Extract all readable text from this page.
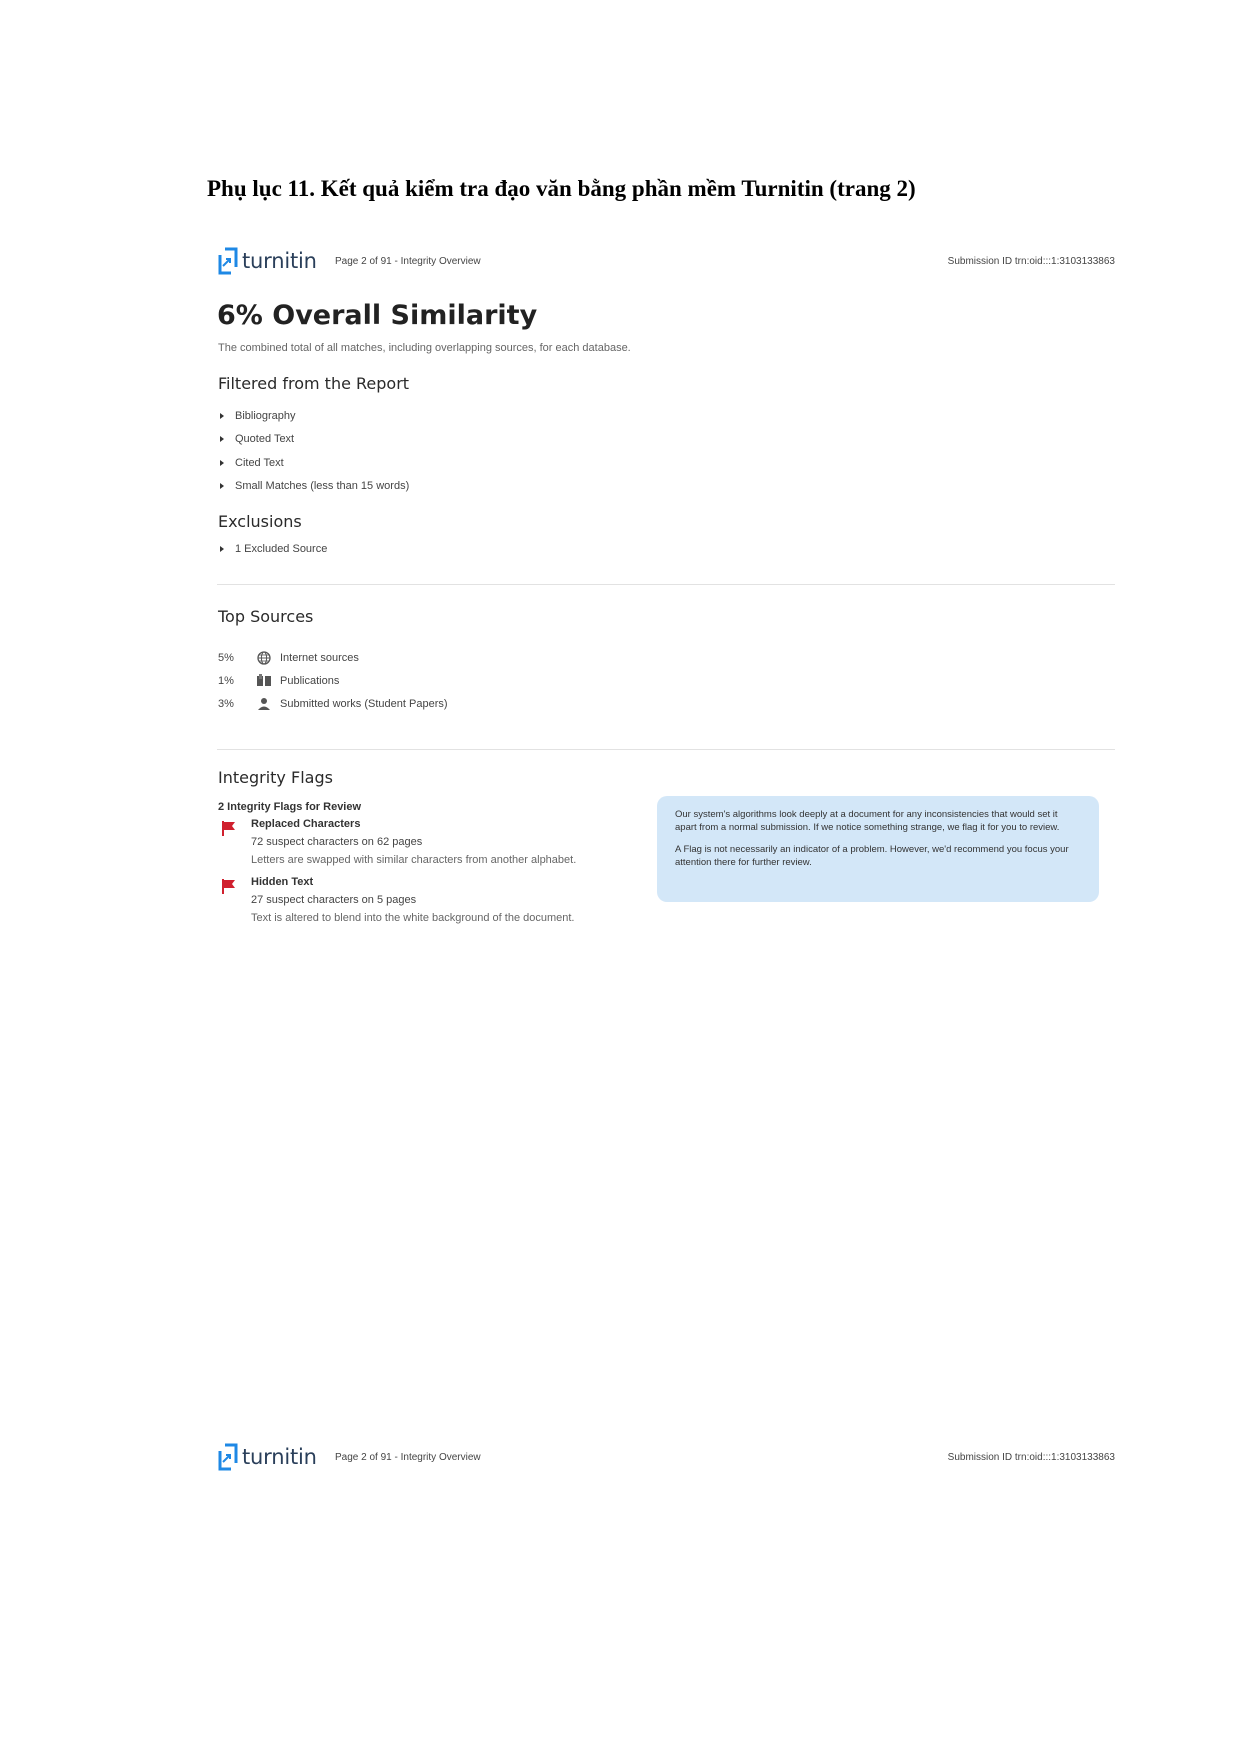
Phụ lục 11. Kết quả kiểm tra đạo văn bằng phần mềm Turnitin (trang 2)
turnitin Page 2 of 91 - Integrity Overview	Submission ID trn:oid:::1:3103133863
6% Overall Similarity
The combined total of all matches, including overlapping sources, for each database.
Filtered from the Report
Bibliography
Quoted Text
Cited Text
Small Matches (less than 15 words)
Exclusions
1 Excluded Source
Top Sources
5%	Internet sources
1%	Publications
3%	Submitted works (Student Papers)
Integrity Flags
2 Integrity Flags for Review
Replaced Characters
72 suspect characters on 62 pages
Letters are swapped with similar characters from another alphabet.
Hidden Text
27 suspect characters on 5 pages
Text is altered to blend into the white background of the document.

Our system's algorithms look deeply at a document for any inconsistencies that would set it apart from a normal submission. If we notice something strange, we flag it for you to review.

A Flag is not necessarily an indicator of a problem. However, we'd recommend you focus your attention there for further review.

turnitin Page 2 of 91 - Integrity Overview	Submission ID trn:oid:::1:3103133863
